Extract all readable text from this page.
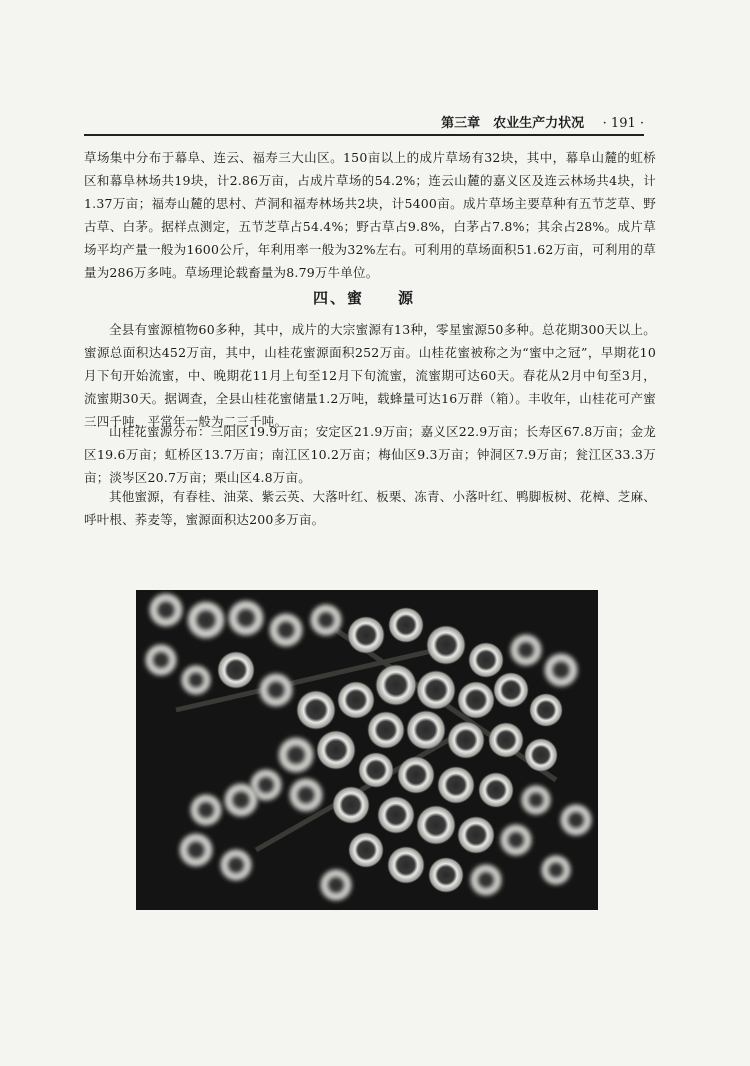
第三章　农业生产力状况 · 191 ·

草场集中分布于幕阜、连云、福寿三大山区。150亩以上的成片草场有32块，其中，幕阜山麓的虹桥区和幕阜林场共19块，计2.86万亩，占成片草场的54.2%；连云山麓的嘉义区及连云林场共4块，计1.37万亩；福寿山麓的思村、芦洞和福寿林场共2块，计5400亩。成片草场主要草种有五节芝草、野古草、白茅。据样点测定，五节芝草占54.4%；野古草占9.8%，白茅占7.8%；其余占28%。成片草场平均产量一般为1600公斤，年利用率一般为32%左右。可利用的草场面积51.62万亩，可利用的草量为286万多吨。草场理论载畜量为8.79万牛单位。

四、蜜　　源

全县有蜜源植物60多种，其中，成片的大宗蜜源有13种，零星蜜源50多种。总花期300天以上。蜜源总面积达452万亩，其中，山桂花蜜源面积252万亩。山桂花蜜被称之为“蜜中之冠”，早期花10月下旬开始流蜜，中、晚期花11月上旬至12月下旬流蜜，流蜜期可达60天。春花从2月中旬至3月，流蜜期30天。据调查，全县山桂花蜜储量1.2万吨，载蜂量可达16万群（箱）。丰收年，山桂花可产蜜三四千吨，平常年一般为二三千吨。

山桂花蜜源分布：三阳区19.9万亩；安定区21.9万亩；嘉义区22.9万亩；长寿区67.8万亩；金龙区19.6万亩；虹桥区13.7万亩；南江区10.2万亩；梅仙区9.3万亩；钟洞区7.9万亩；瓮江区33.3万亩；淡岑区20.7万亩；栗山区4.8万亩。

其他蜜源，有春桂、油菜、紫云英、大落叶红、板栗、冻青、小落叶红、鸭脚板树、花樟、芝麻、呼叶根、荞麦等，蜜源面积达200多万亩。
